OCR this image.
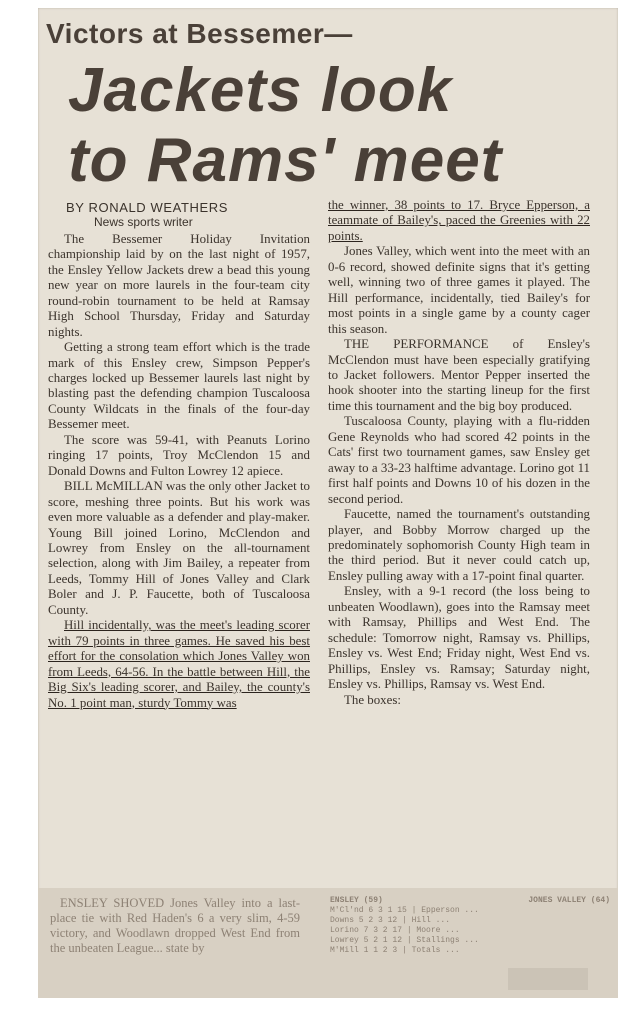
Victors at Bessemer—
Jackets look
to Rams' meet
BY RONALD WEATHERS
News sports writer

The Bessemer Holiday Invitation championship laid by on the last night of 1957, the Ensley Yellow Jackets drew a bead this young new year on more laurels in the four-team city round-robin tournament to be held at Ramsay High School Thursday, Friday and Saturday nights.

Getting a strong team effort which is the trade mark of this Ensley crew, Simpson Pepper's charges locked up Bessemer laurels last night by blasting past the defending champion Tuscaloosa County Wildcats in the finals of the four-day Bessemer meet.

The score was 59-41, with Peanuts Lorino ringing 17 points, Troy McClendon 15 and Donald Downs and Fulton Lowrey 12 apiece.

BILL McMILLAN was the only other Jacket to score, meshing three points. But his work was even more valuable as a defender and play-maker. Young Bill joined Lorino, McClendon and Lowrey from Ensley on the all-tournament selection, along with Jim Bailey, a repeater from Leeds, Tommy Hill of Jones Valley and Clark Boler and J. P. Faucette, both of Tuscaloosa County.

Hill incidentally, was the meet's leading scorer with 79 points in three games. He saved his best effort for the consolation which Jones Valley won from Leeds, 64-56. In the battle between Hill, the Big Six's leading scorer, and Bailey, the county's No. 1 point man, sturdy Tommy was

the winner, 38 points to 17. Bryce Epperson, a teammate of Bailey's, paced the Greenies with 22 points.

Jones Valley, which went into the meet with an 0-6 record, showed definite signs that it's getting well, winning two of three games it played. The Hill performance, incidentally, tied Bailey's for most points in a single game by a county cager this season.

THE PERFORMANCE of Ensley's McClendon must have been especially gratifying to Jacket followers. Mentor Pepper inserted the hook shooter into the starting lineup for the first time this tournament and the big boy produced.

Tuscaloosa County, playing with a flu-ridden Gene Reynolds who had scored 42 points in the Cats' first two tournament games, saw Ensley get away to a 33-23 halftime advantage. Lorino got 11 first half points and Downs 10 of his dozen in the second period.

Faucette, named the tournament's outstanding player, and Bobby Morrow charged up the predominately sophomorish County High team in the third period. But it never could catch up, Ensley pulling away with a 17-point final quarter.

Ensley, with a 9-1 record (the loss being to unbeaten Woodlawn), goes into the Ramsay meet with Ramsay, Phillips and West End. The schedule: Tomorrow night, Ramsay vs. Phillips, Ensley vs. West End; Friday night, West End vs. Phillips, Ensley vs. Ramsay; Saturday night, Ensley vs. Phillips, Ramsay vs. West End.

The boxes:

ENSLEY SHOVED Jones Valley into a last-place tie with Red Haden's 6 a very slim, 4-59 victory, and Woodlawn dropped West End from the unbeaten League... state by

ENSLEY (59)	JONES VALLEY (64)
M'Cl'nd 6 3 1 15 | Epperson ...
Downs 5 2 3 12 | Hill ...
Lorino 7 3 2 17 | Moore ...
Lowrey 5 2 1 12 | Stallings ...
M'Mill 1 1 2 3 | Totals ...
